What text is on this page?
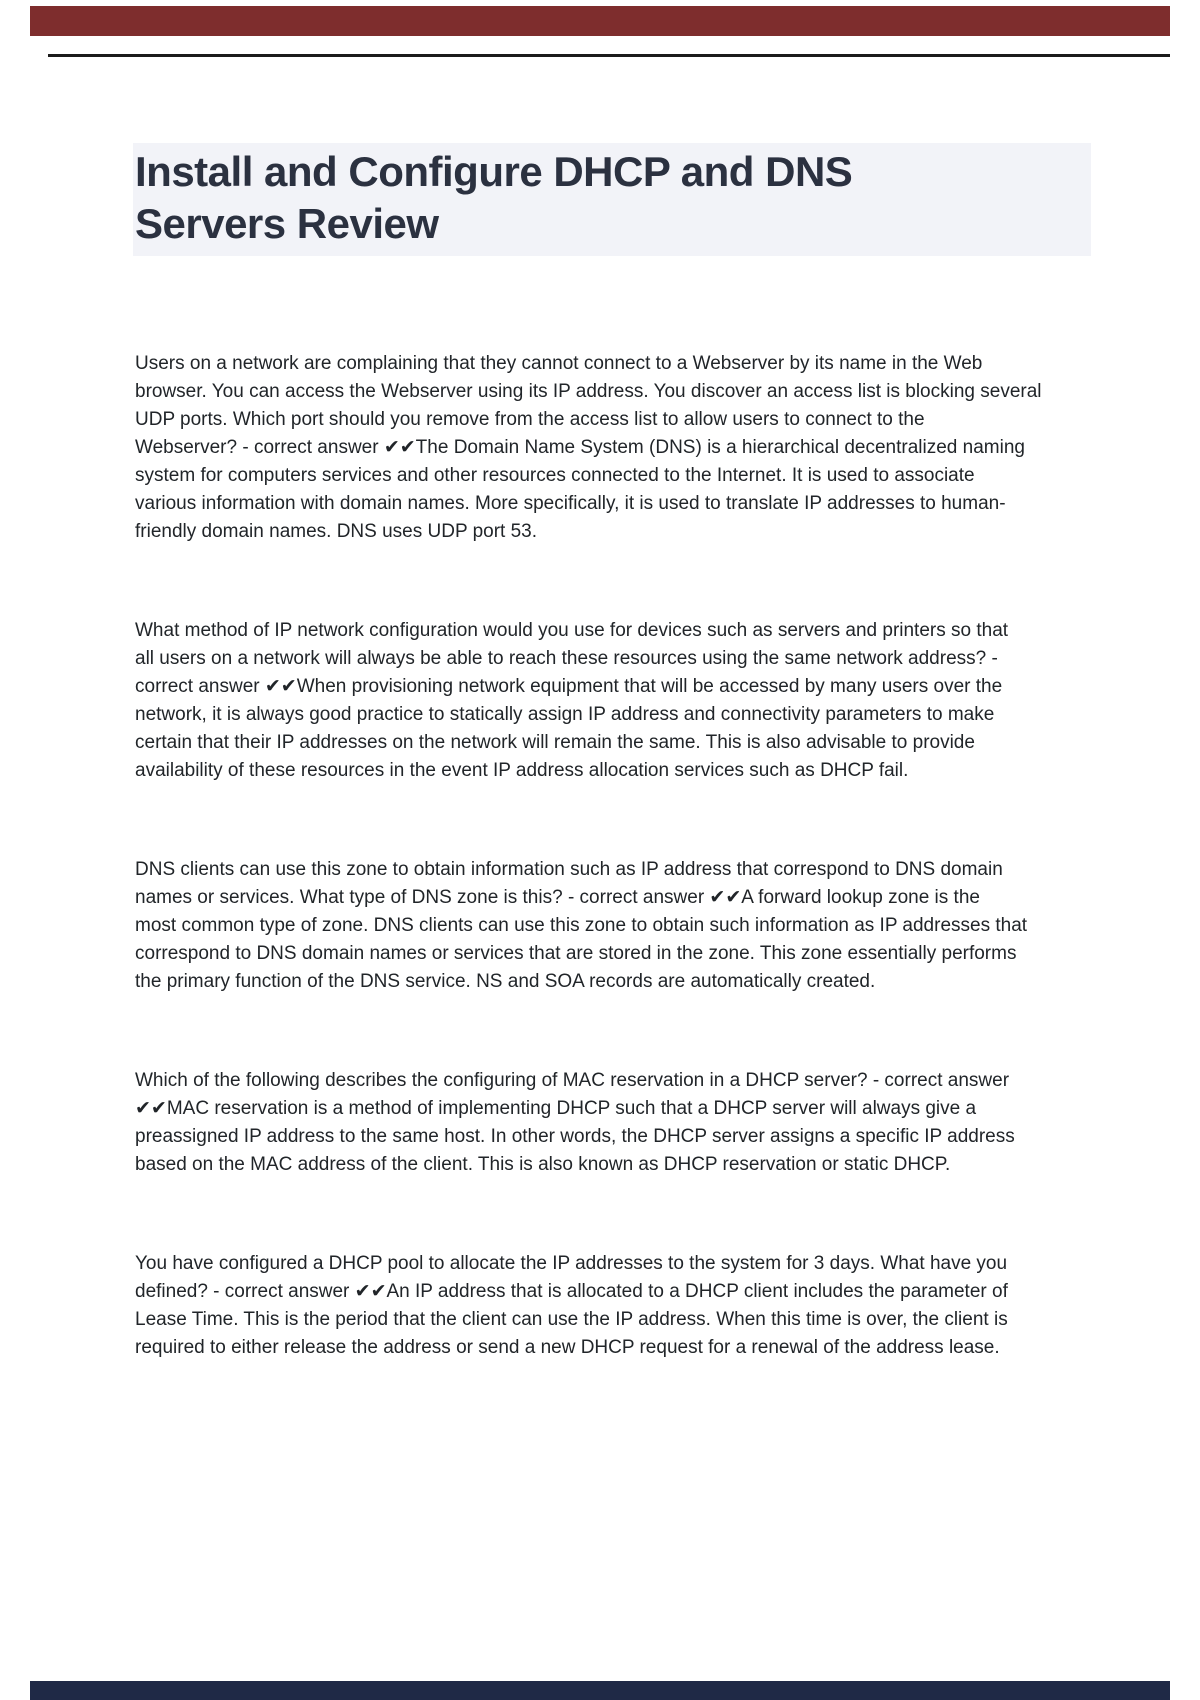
Install and Configure DHCP and DNS
Servers Review

Users on a network are complaining that they cannot connect to a Webserver by its name in the Web
browser. You can access the Webserver using its IP address. You discover an access list is blocking several
UDP ports. Which port should you remove from the access list to allow users to connect to the
Webserver? - correct answer ✔✔The Domain Name System (DNS) is a hierarchical decentralized naming
system for computers services and other resources connected to the Internet. It is used to associate
various information with domain names. More specifically, it is used to translate IP addresses to human-
friendly domain names. DNS uses UDP port 53.

What method of IP network configuration would you use for devices such as servers and printers so that
all users on a network will always be able to reach these resources using the same network address? -
correct answer ✔✔When provisioning network equipment that will be accessed by many users over the
network, it is always good practice to statically assign IP address and connectivity parameters to make
certain that their IP addresses on the network will remain the same. This is also advisable to provide
availability of these resources in the event IP address allocation services such as DHCP fail.

DNS clients can use this zone to obtain information such as IP address that correspond to DNS domain
names or services. What type of DNS zone is this? - correct answer ✔✔A forward lookup zone is the
most common type of zone. DNS clients can use this zone to obtain such information as IP addresses that
correspond to DNS domain names or services that are stored in the zone. This zone essentially performs
the primary function of the DNS service. NS and SOA records are automatically created.

Which of the following describes the configuring of MAC reservation in a DHCP server? - correct answer
✔✔MAC reservation is a method of implementing DHCP such that a DHCP server will always give a
preassigned IP address to the same host. In other words, the DHCP server assigns a specific IP address
based on the MAC address of the client. This is also known as DHCP reservation or static DHCP.

You have configured a DHCP pool to allocate the IP addresses to the system for 3 days. What have you
defined? - correct answer ✔✔An IP address that is allocated to a DHCP client includes the parameter of
Lease Time. This is the period that the client can use the IP address. When this time is over, the client is
required to either release the address or send a new DHCP request for a renewal of the address lease.
